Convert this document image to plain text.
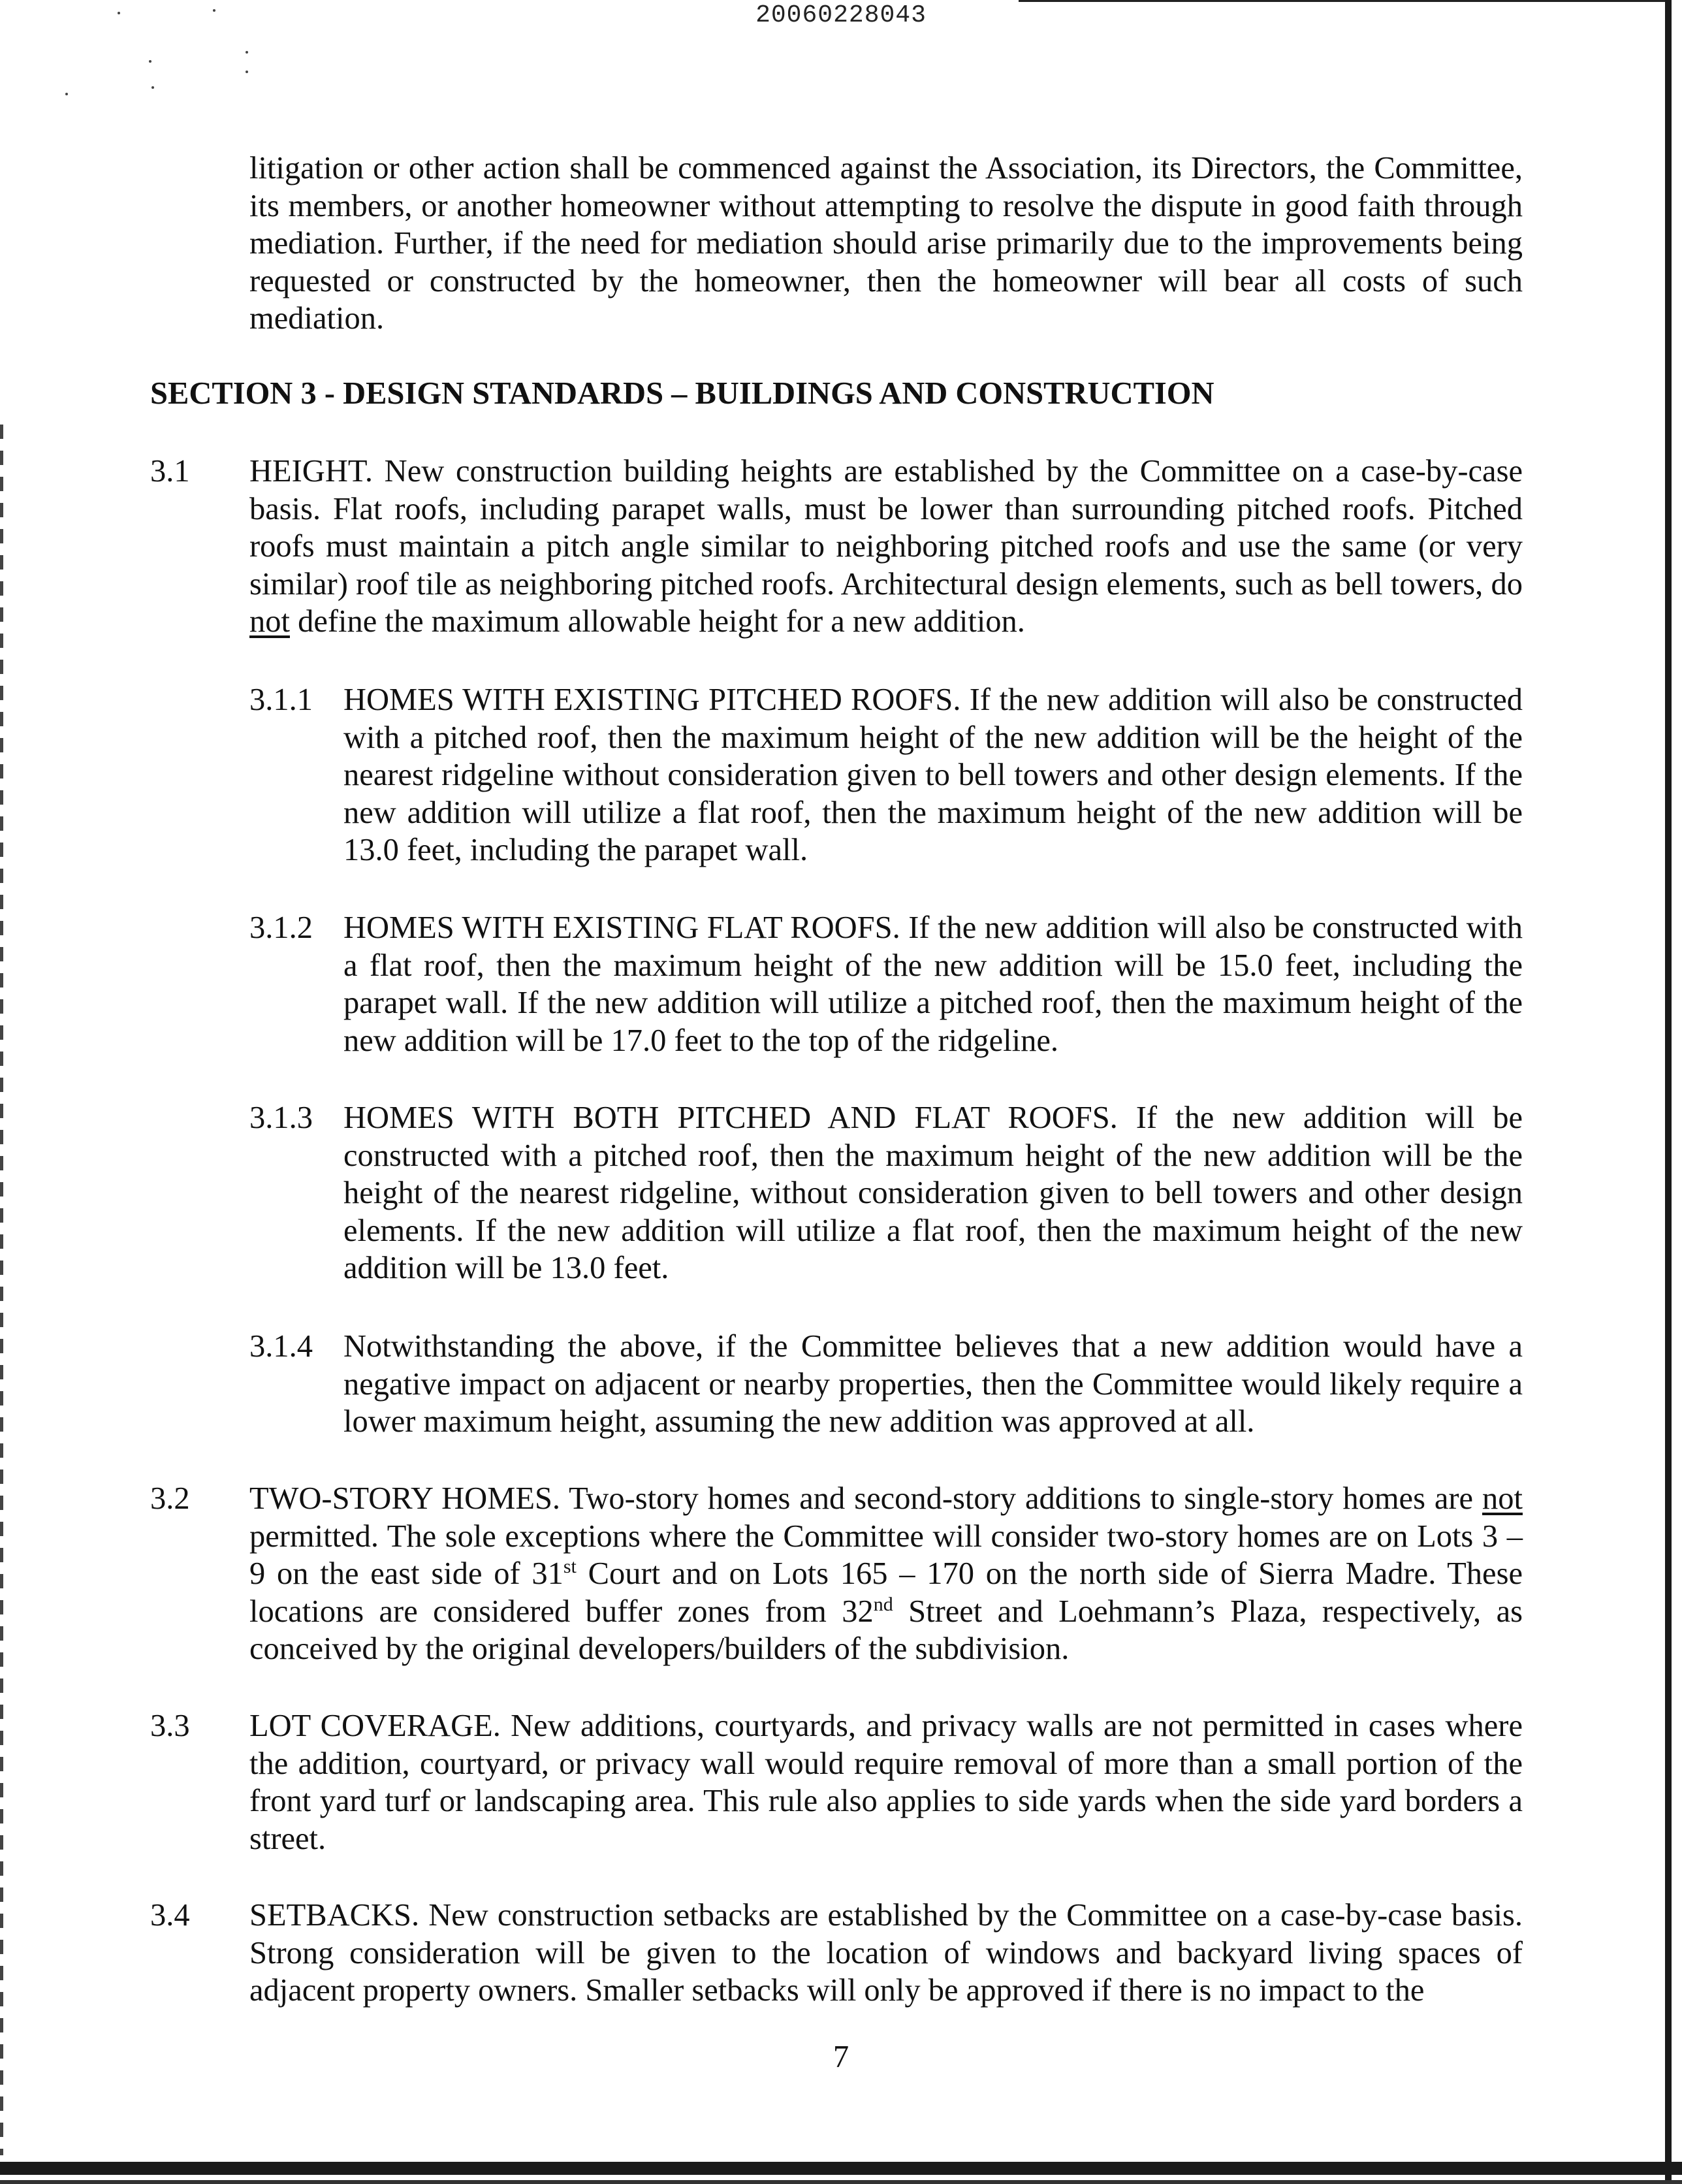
20060228043

litigation or other action shall be commenced against the Association, its Directors, the Committee, its members, or another homeowner without attempting to resolve the dispute in good faith through mediation. Further, if the need for mediation should arise primarily due to the improvements being requested or constructed by the homeowner, then the homeowner will bear all costs of such mediation.

SECTION 3 - DESIGN STANDARDS – BUILDINGS AND CONSTRUCTION
3.1 HEIGHT. New construction building heights are established by the Committee on a case-by-case basis. Flat roofs, including parapet walls, must be lower than surrounding pitched roofs. Pitched roofs must maintain a pitch angle similar to neighboring pitched roofs and use the same (or very similar) roof tile as neighboring pitched roofs. Architectural design elements, such as bell towers, do not define the maximum allowable height for a new addition.

3.1.1 HOMES WITH EXISTING PITCHED ROOFS. If the new addition will also be constructed with a pitched roof, then the maximum height of the new addition will be the height of the nearest ridgeline without consideration given to bell towers and other design elements. If the new addition will utilize a flat roof, then the maximum height of the new addition will be 13.0 feet, including the parapet wall.

3.1.2 HOMES WITH EXISTING FLAT ROOFS. If the new addition will also be constructed with a flat roof, then the maximum height of the new addition will be 15.0 feet, including the parapet wall. If the new addition will utilize a pitched roof, then the maximum height of the new addition will be 17.0 feet to the top of the ridgeline.

3.1.3 HOMES WITH BOTH PITCHED AND FLAT ROOFS. If the new addition will be constructed with a pitched roof, then the maximum height of the new addition will be the height of the nearest ridgeline, without consideration given to bell towers and other design elements. If the new addition will utilize a flat roof, then the maximum height of the new addition will be 13.0 feet.

3.1.4 Notwithstanding the above, if the Committee believes that a new addition would have a negative impact on adjacent or nearby properties, then the Committee would likely require a lower maximum height, assuming the new addition was approved at all.

3.2 TWO-STORY HOMES. Two-story homes and second-story additions to single-story homes are not permitted. The sole exceptions where the Committee will consider two-story homes are on Lots 3 – 9 on the east side of 31st Court and on Lots 165 – 170 on the north side of Sierra Madre. These locations are considered buffer zones from 32nd Street and Loehmann’s Plaza, respectively, as conceived by the original developers/builders of the subdivision.

3.3 LOT COVERAGE. New additions, courtyards, and privacy walls are not permitted in cases where the addition, courtyard, or privacy wall would require removal of more than a small portion of the front yard turf or landscaping area. This rule also applies to side yards when the side yard borders a street.

3.4 SETBACKS. New construction setbacks are established by the Committee on a case-by-case basis. Strong consideration will be given to the location of windows and backyard living spaces of adjacent property owners. Smaller setbacks will only be approved if there is no impact to the

7
